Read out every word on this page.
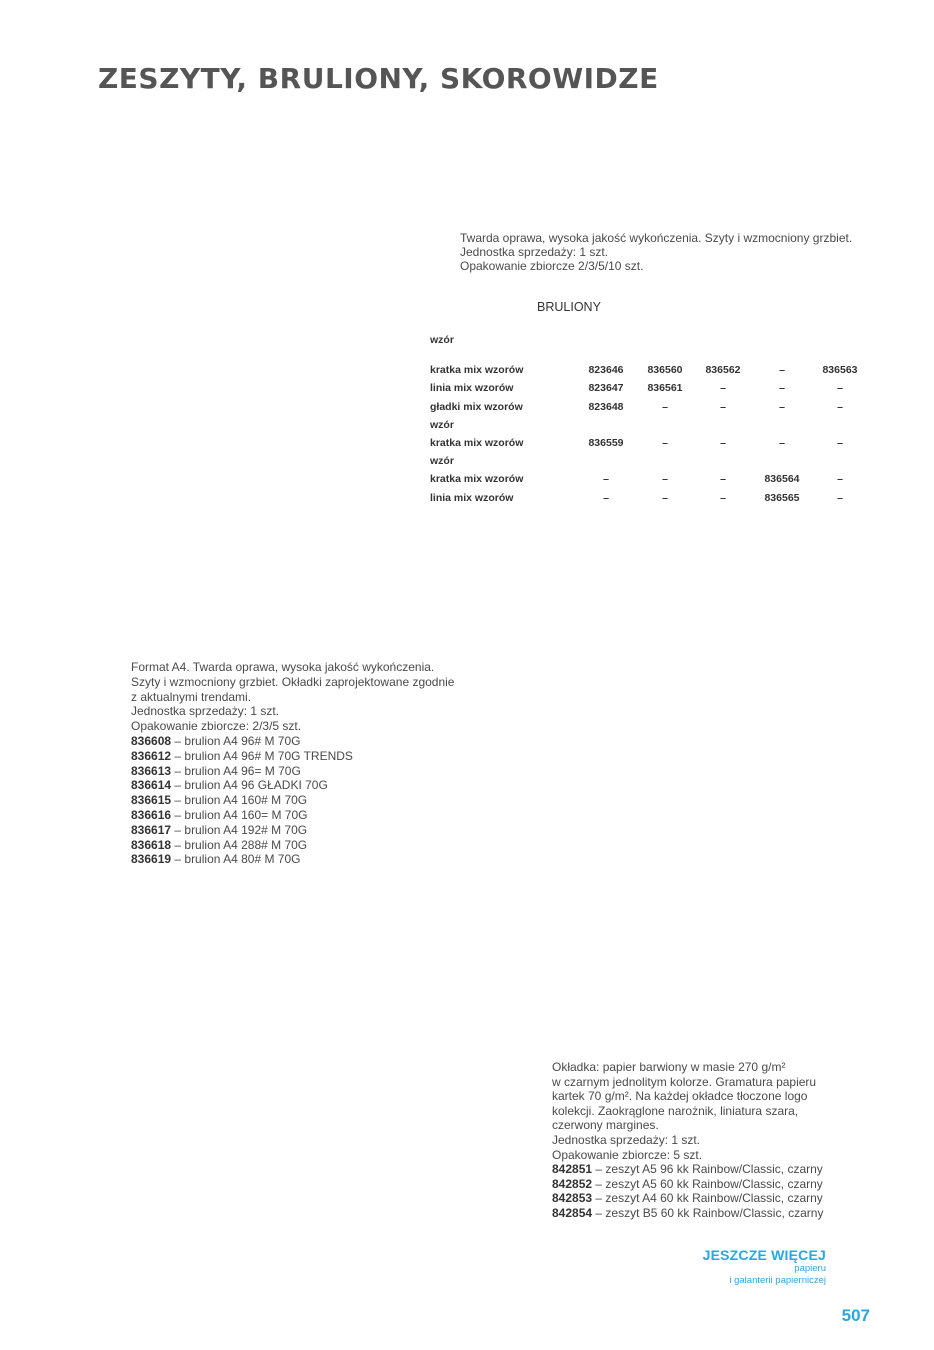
ZESZYTY, BRULIONY, SKOROWIDZE
Twarda oprawa, wysoka jakość wykończenia. Szyty i wzmocniony grzbiet.
Jednostka sprzedaży: 1 szt.
Opakowanie zbiorcze 2/3/5/10 szt.
BRULIONY
wzór
kratka mix wzorów	823646	836560	836562	–	836563
linia mix wzorów	823647	836561	–	–	–
gładki mix wzorów	823648	–	–	–	–
wzór
kratka mix wzorów	836559	–	–	–	–
wzór
kratka mix wzorów	–	–	–	836564	–
linia mix wzorów	–	–	–	836565	–
Format A4. Twarda oprawa, wysoka jakość wykończenia.
Szyty i wzmocniony grzbiet. Okładki zaprojektowane zgodnie
z aktualnymi trendami.
Jednostka sprzedaży: 1 szt.
Opakowanie zbiorcze: 2/3/5 szt.
836608 – brulion A4 96# M 70G
836612 – brulion A4 96# M 70G TRENDS
836613 – brulion A4 96= M 70G
836614 – brulion A4 96 GŁADKI 70G
836615 – brulion A4 160# M 70G
836616 – brulion A4 160= M 70G
836617 – brulion A4 192# M 70G
836618 – brulion A4 288# M 70G
836619 – brulion A4 80# M 70G
Okładka: papier barwiony w masie 270 g/m²
w czarnym jednolitym kolorze. Gramatura papieru
kartek 70 g/m². Na każdej okładce tłoczone logo
kolekcji. Zaokrąglone narożnik, liniatura szara,
czerwony margines.
Jednostka sprzedaży: 1 szt.
Opakowanie zbiorcze: 5 szt.
842851 – zeszyt A5 96 kk Rainbow/Classic, czarny
842852 – zeszyt A5 60 kk Rainbow/Classic, czarny
842853 – zeszyt A4 60 kk Rainbow/Classic, czarny
842854 – zeszyt B5 60 kk Rainbow/Classic, czarny
JESZCZE WIĘCEJ
papieru
i galanterii papierniczej
507
